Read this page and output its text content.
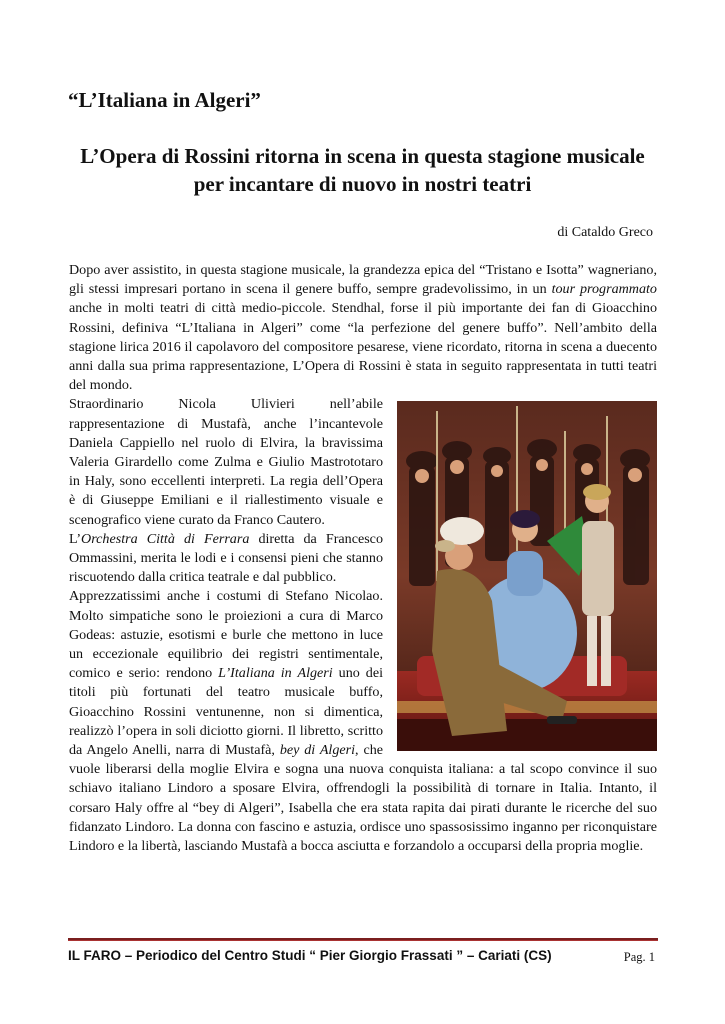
“L’Italiana in Algeri”
L’Opera di Rossini ritorna in scena in questa stagione musicale
per incantare di nuovo in nostri teatri
di Cataldo Greco

Dopo aver assistito, in questa stagione musicale, la grandezza epica del “Tristano e Isotta” wagneriano, gli stessi impresari portano in scena il genere buffo, sempre gradevolissimo, in un tour programmato anche in molti teatri di città medio-piccole. Stendhal, forse il più importante dei fan di Gioacchino Rossini, definiva “L’Italiana in Algeri” come “la perfezione del genere buffo”. Nell’ambito della stagione lirica 2016 il capolavoro del compositore pesarese, viene ricordato, ritorna in scena a duecento anni dalla sua prima rappresentazione, L’Opera di Rossini è stata in seguito rappresentata in tutti teatri del mondo.

Straordinario Nicola Ulivieri nell’abile rappresentazione di Mustafà, anche l’incantevole Daniela Cappiello nel ruolo di Elvira, la bravissima Valeria Girardello come Zulma e Giulio Mastrototaro in Haly, sono eccellenti interpreti. La regia dell’Opera è di Giuseppe Emiliani e il riallestimento visuale e scenografico viene curato da Franco Cautero.

L’Orchestra Città di Ferrara diretta da Francesco Ommassini, merita le lodi e i consensi pieni che stanno riscuotendo dalla critica teatrale e dal pubblico.

Apprezzatissimi anche i costumi di Stefano Nicolao. Molto simpatiche sono le proiezioni a cura di Marco Godeas: astuzie, esotismi e burle che mettono in luce un eccezionale equilibrio dei registri sentimentale, comico e serio: rendono L’Italiana in Algeri uno dei titoli più fortunati del teatro musicale buffo, Gioacchino Rossini ventunenne, non si dimentica, realizzò l’opera in soli diciotto giorni. Il libretto, scritto da Angelo Anelli, narra di Mustafà, bey di Algeri, che vuole liberarsi della moglie Elvira e sogna una nuova conquista italiana: a tal scopo convince il suo schiavo italiano Lindoro a sposare Elvira, offrendogli la possibilità di tornare in Italia. Intanto, il corsaro Haly offre al “bey di Algeri”, Isabella che era stata rapita dai pirati durante le ricerche del suo fidanzato Lindoro. La donna con fascino e astuzia, ordisce uno spassosissimo inganno per riconquistare Lindoro e la libertà, lasciando Mustafà a bocca asciutta e forzandolo a occuparsi della propria moglie.

IL FARO – Periodico del Centro Studi “ Pier Giorgio Frassati ” – Cariati (CS)	Pag. 1
